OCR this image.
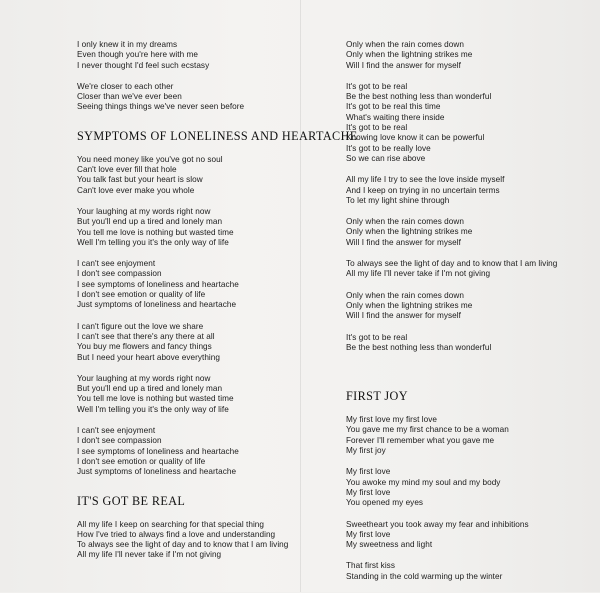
I only knew it in my dreams
Even though you're here with me
I never thought I'd feel such ecstasy
We're closer to each other
Closer than we've ever been
Seeing things things we've never seen before
SYMPTOMS OF LONELINESS AND HEARTACHE
You need money like you've got no soul
Can't love ever fill that hole
You talk fast but your heart is slow
Can't love ever make you whole
Your laughing at my words right now
But you'll end up a tired and lonely man
You tell me love is nothing but wasted time
Well I'm telling you it's the only way of life
I can't see enjoyment
I don't see compassion
I see symptoms of loneliness and heartache
I don't see emotion or quality of life
Just symptoms of loneliness and heartache
I can't figure out the love we share
I can't see that there's any there at all
You buy me flowers and fancy things
But I need your heart above everything
Your laughing at my words right now
But you'll end up a tired and lonely man
You tell me love is nothing but wasted time
Well I'm telling you it's the only way of life
I can't see enjoyment
I don't see compassion
I see symptoms of loneliness and heartache
I don't see emotion or quality of life
Just symptoms of loneliness and heartache
IT'S GOT BE REAL
All my life I keep on searching for that special thing
How I've tried to always find a love and understanding
To always see the light of day and to know that I am living
All my life I'll never take if I'm not giving
Only when the rain comes down
Only when the lightning strikes me
Will I find the answer for myself
It's got to be real
Be the best nothing less than wonderful
It's got to be real this time
What's waiting there inside
It's got to be real
Knowing love know it can be powerful
It's got to be really love
So we can rise above
All my life I try to see the love inside myself
And I keep on trying in no uncertain terms
To let my light shine through
Only when the rain comes down
Only when the lightning strikes me
Will I find the answer for myself
To always see the light of day and to know that I am living
All my life I'll never take if I'm not giving
Only when the rain comes down
Only when the lightning strikes me
Will I find the answer for myself
It's got to be real
Be the best nothing less than wonderful
FIRST JOY
My first love my first love
You gave me my first chance to be a woman
Forever I'll remember what you gave me
My first joy
My first love
You awoke my mind my soul and my body
My first love
You opened my eyes
Sweetheart you took away my fear and inhibitions
My first love
My sweetness and light
That first kiss
Standing in the cold warming up the winter
